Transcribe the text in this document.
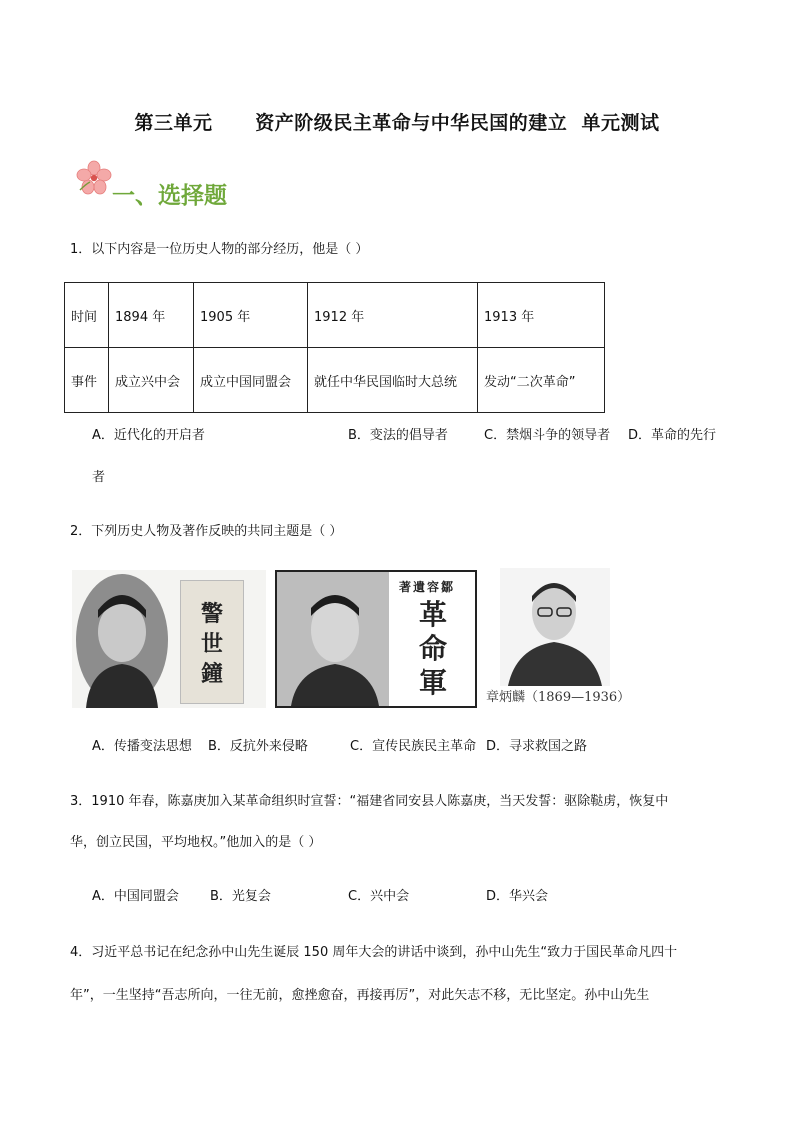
第三单元      资产阶级民主革命与中华民国的建立  单元测试
一、选择题
1．以下内容是一位历史人物的部分经历，他是（ ）
时间	1894 年	1905 年	1912 年	1913 年
事件	成立兴中会	成立中国同盟会	就任中华民国临时大总统	发动“二次革命”
A．近代化的开启者	B．变法的倡导者	C．禁烟斗争的领导者 D．革命的先行
者
2．下列历史人物及著作反映的共同主题是（ ）
警世鐘
著遺容鄒
革命軍	章炳麟（1869—1936）
A．传播变法思想 B．反抗外来侵略	C．宣传民族民主革命 D．寻求救国之路
3．1910 年春，陈嘉庚加入某革命组织时宣誓：“福建省同安县人陈嘉庚，当天发誓：驱除鞑虏，恢复中
华，创立民国，平均地权。”他加入的是（ ）
A．中国同盟会 B．光复会	C．兴中会	D．华兴会
4．习近平总书记在纪念孙中山先生诞辰 150 周年大会的讲话中谈到，孙中山先生“致力于国民革命凡四十
年”，一生坚持“吾志所向，一往无前，愈挫愈奋，再接再厉”，对此矢志不移，无比坚定。孙中山先生
